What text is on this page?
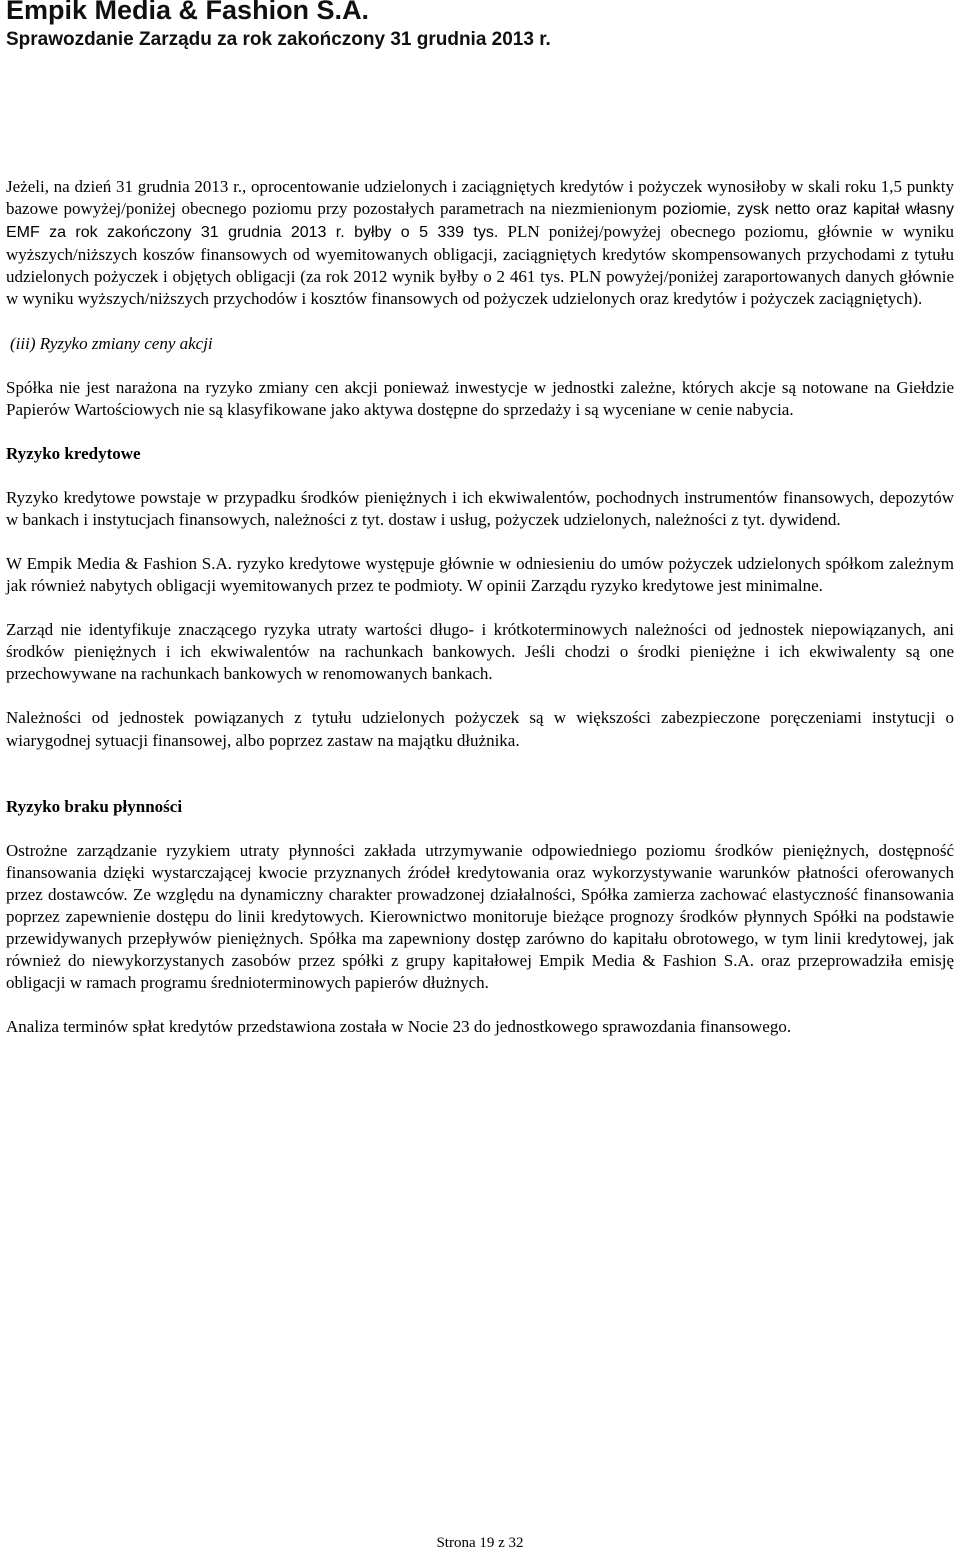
Empik Media & Fashion S.A.
Sprawozdanie Zarządu za rok zakończony 31 grudnia 2013 r.

Jeżeli, na dzień 31 grudnia 2013 r., oprocentowanie udzielonych i zaciągniętych kredytów i pożyczek wynosiłoby w skali roku 1,5 punkty bazowe powyżej/poniżej obecnego poziomu przy pozostałych parametrach na niezmienionym poziomie, zysk netto oraz kapitał własny EMF za rok zakończony 31 grudnia 2013 r. byłby o 5 339 tys. PLN poniżej/powyżej obecnego poziomu, głównie w wyniku wyższych/niższych koszów finansowych od wyemitowanych obligacji, zaciągniętych kredytów skompensowanych przychodami z tytułu udzielonych pożyczek i objętych obligacji (za rok 2012 wynik byłby o 2 461 tys. PLN powyżej/poniżej zaraportowanych danych głównie w wyniku wyższych/niższych przychodów i kosztów finansowych od pożyczek udzielonych oraz kredytów i pożyczek zaciągniętych).

(iii) Ryzyko zmiany ceny akcji

Spółka nie jest narażona na ryzyko zmiany cen akcji ponieważ inwestycje w jednostki zależne, których akcje są notowane na Giełdzie Papierów Wartościowych nie są klasyfikowane jako aktywa dostępne do sprzedaży i są wyceniane w cenie nabycia.

Ryzyko kredytowe

Ryzyko kredytowe powstaje w przypadku środków pieniężnych i ich ekwiwalentów, pochodnych instrumentów finansowych, depozytów w bankach i instytucjach finansowych, należności z tyt. dostaw i usług, pożyczek udzielonych, należności z tyt. dywidend.

W Empik Media & Fashion S.A. ryzyko kredytowe występuje głównie w odniesieniu do umów pożyczek udzielonych spółkom zależnym jak również nabytych obligacji wyemitowanych przez te podmioty. W opinii Zarządu ryzyko kredytowe jest minimalne.

Zarząd nie identyfikuje znaczącego ryzyka utraty wartości długo- i krótkoterminowych należności od jednostek niepowiązanych, ani środków pieniężnych i ich ekwiwalentów na rachunkach bankowych. Jeśli chodzi o środki pieniężne i ich ekwiwalenty są one przechowywane na rachunkach bankowych w renomowanych bankach.

Należności od jednostek powiązanych z tytułu udzielonych pożyczek są w większości zabezpieczone poręczeniami instytucji o wiarygodnej sytuacji finansowej, albo poprzez zastaw na majątku dłużnika.

Ryzyko braku płynności

Ostrożne zarządzanie ryzykiem utraty płynności zakłada utrzymywanie odpowiedniego poziomu środków pieniężnych, dostępność finansowania dzięki wystarczającej kwocie przyznanych źródeł kredytowania oraz wykorzystywanie warunków płatności oferowanych przez dostawców. Ze względu na dynamiczny charakter prowadzonej działalności, Spółka zamierza zachować elastyczność finansowania poprzez zapewnienie dostępu do linii kredytowych. Kierownictwo monitoruje bieżące prognozy środków płynnych Spółki na podstawie przewidywanych przepływów pieniężnych. Spółka ma zapewniony dostęp zarówno do kapitału obrotowego, w tym linii kredytowej, jak również do niewykorzystanych zasobów przez spółki z grupy kapitałowej Empik Media & Fashion S.A. oraz przeprowadziła emisję obligacji w ramach programu średnioterminowych papierów dłużnych.

Analiza terminów spłat kredytów przedstawiona została w Nocie 23 do jednostkowego sprawozdania finansowego.

Strona 19 z 32
